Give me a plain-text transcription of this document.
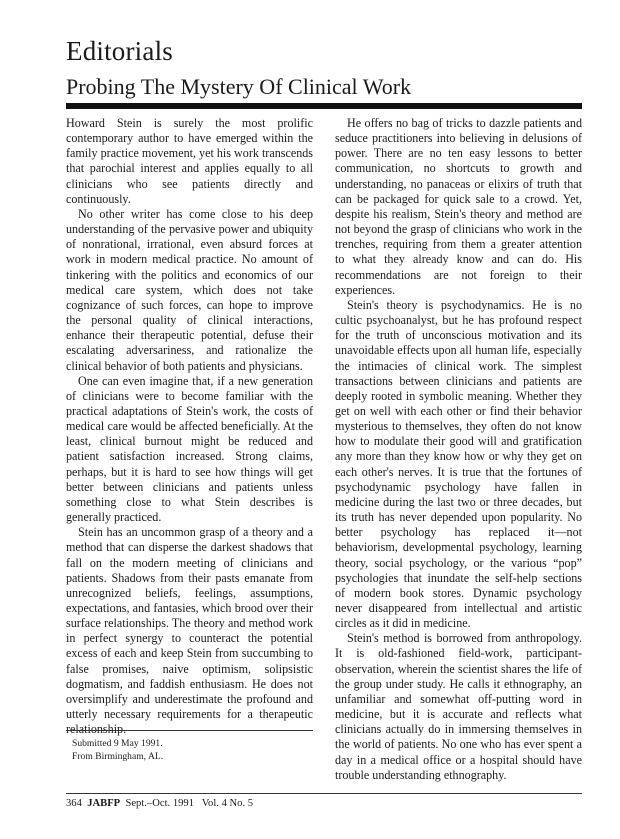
Editorials
Probing The Mystery Of Clinical Work

Howard Stein is surely the most prolific contemporary author to have emerged within the family practice movement, yet his work transcends that parochial interest and applies equally to all clinicians who see patients directly and continuously.

No other writer has come close to his deep understanding of the pervasive power and ubiquity of nonrational, irrational, even absurd forces at work in modern medical practice. No amount of tinkering with the politics and economics of our medical care system, which does not take cognizance of such forces, can hope to improve the personal quality of clinical interactions, enhance their therapeutic potential, defuse their escalating adversariness, and rationalize the clinical behavior of both patients and physicians.

One can even imagine that, if a new generation of clinicians were to become familiar with the practical adaptations of Stein's work, the costs of medical care would be affected beneficially. At the least, clinical burnout might be reduced and patient satisfaction increased. Strong claims, perhaps, but it is hard to see how things will get better between clinicians and patients unless something close to what Stein describes is generally practiced.

Stein has an uncommon grasp of a theory and a method that can disperse the darkest shadows that fall on the modern meeting of clinicians and patients. Shadows from their pasts emanate from unrecognized beliefs, feelings, assumptions, expectations, and fantasies, which brood over their surface relationships. The theory and method work in perfect synergy to counteract the potential excess of each and keep Stein from succumbing to false promises, naive optimism, solipsistic dogmatism, and faddish enthusiasm. He does not oversimplify and underestimate the profound and utterly necessary requirements for a therapeutic relationship.

He offers no bag of tricks to dazzle patients and seduce practitioners into believing in delusions of power. There are no ten easy lessons to better communication, no shortcuts to growth and understanding, no panaceas or elixirs of truth that can be packaged for quick sale to a crowd. Yet, despite his realism, Stein's theory and method are not beyond the grasp of clinicians who work in the trenches, requiring from them a greater attention to what they already know and can do. His recommendations are not foreign to their experiences.

Stein's theory is psychodynamics. He is no cultic psychoanalyst, but he has profound respect for the truth of unconscious motivation and its unavoidable effects upon all human life, especially the intimacies of clinical work. The simplest transactions between clinicians and patients are deeply rooted in symbolic meaning. Whether they get on well with each other or find their behavior mysterious to themselves, they often do not know how to modulate their good will and gratification any more than they know how or why they get on each other's nerves. It is true that the fortunes of psychodynamic psychology have fallen in medicine during the last two or three decades, but its truth has never depended upon popularity. No better psychology has replaced it—not behaviorism, developmental psychology, learning theory, social psychology, or the various “pop” psychologies that inundate the self-help sections of modern book stores. Dynamic psychology never disappeared from intellectual and artistic circles as it did in medicine.

Stein's method is borrowed from anthropology. It is old-fashioned field-work, participant-observation, wherein the scientist shares the life of the group under study. He calls it ethnography, an unfamiliar and somewhat off-putting word in medicine, but it is accurate and reflects what clinicians actually do in immersing themselves in the world of patients. No one who has ever spent a day in a medical office or a hospital should have trouble understanding ethnography.

Submitted 9 May 1991.

From Birmingham, AL.

364 JABFP Sept.–Oct. 1991   Vol. 4 No. 5
